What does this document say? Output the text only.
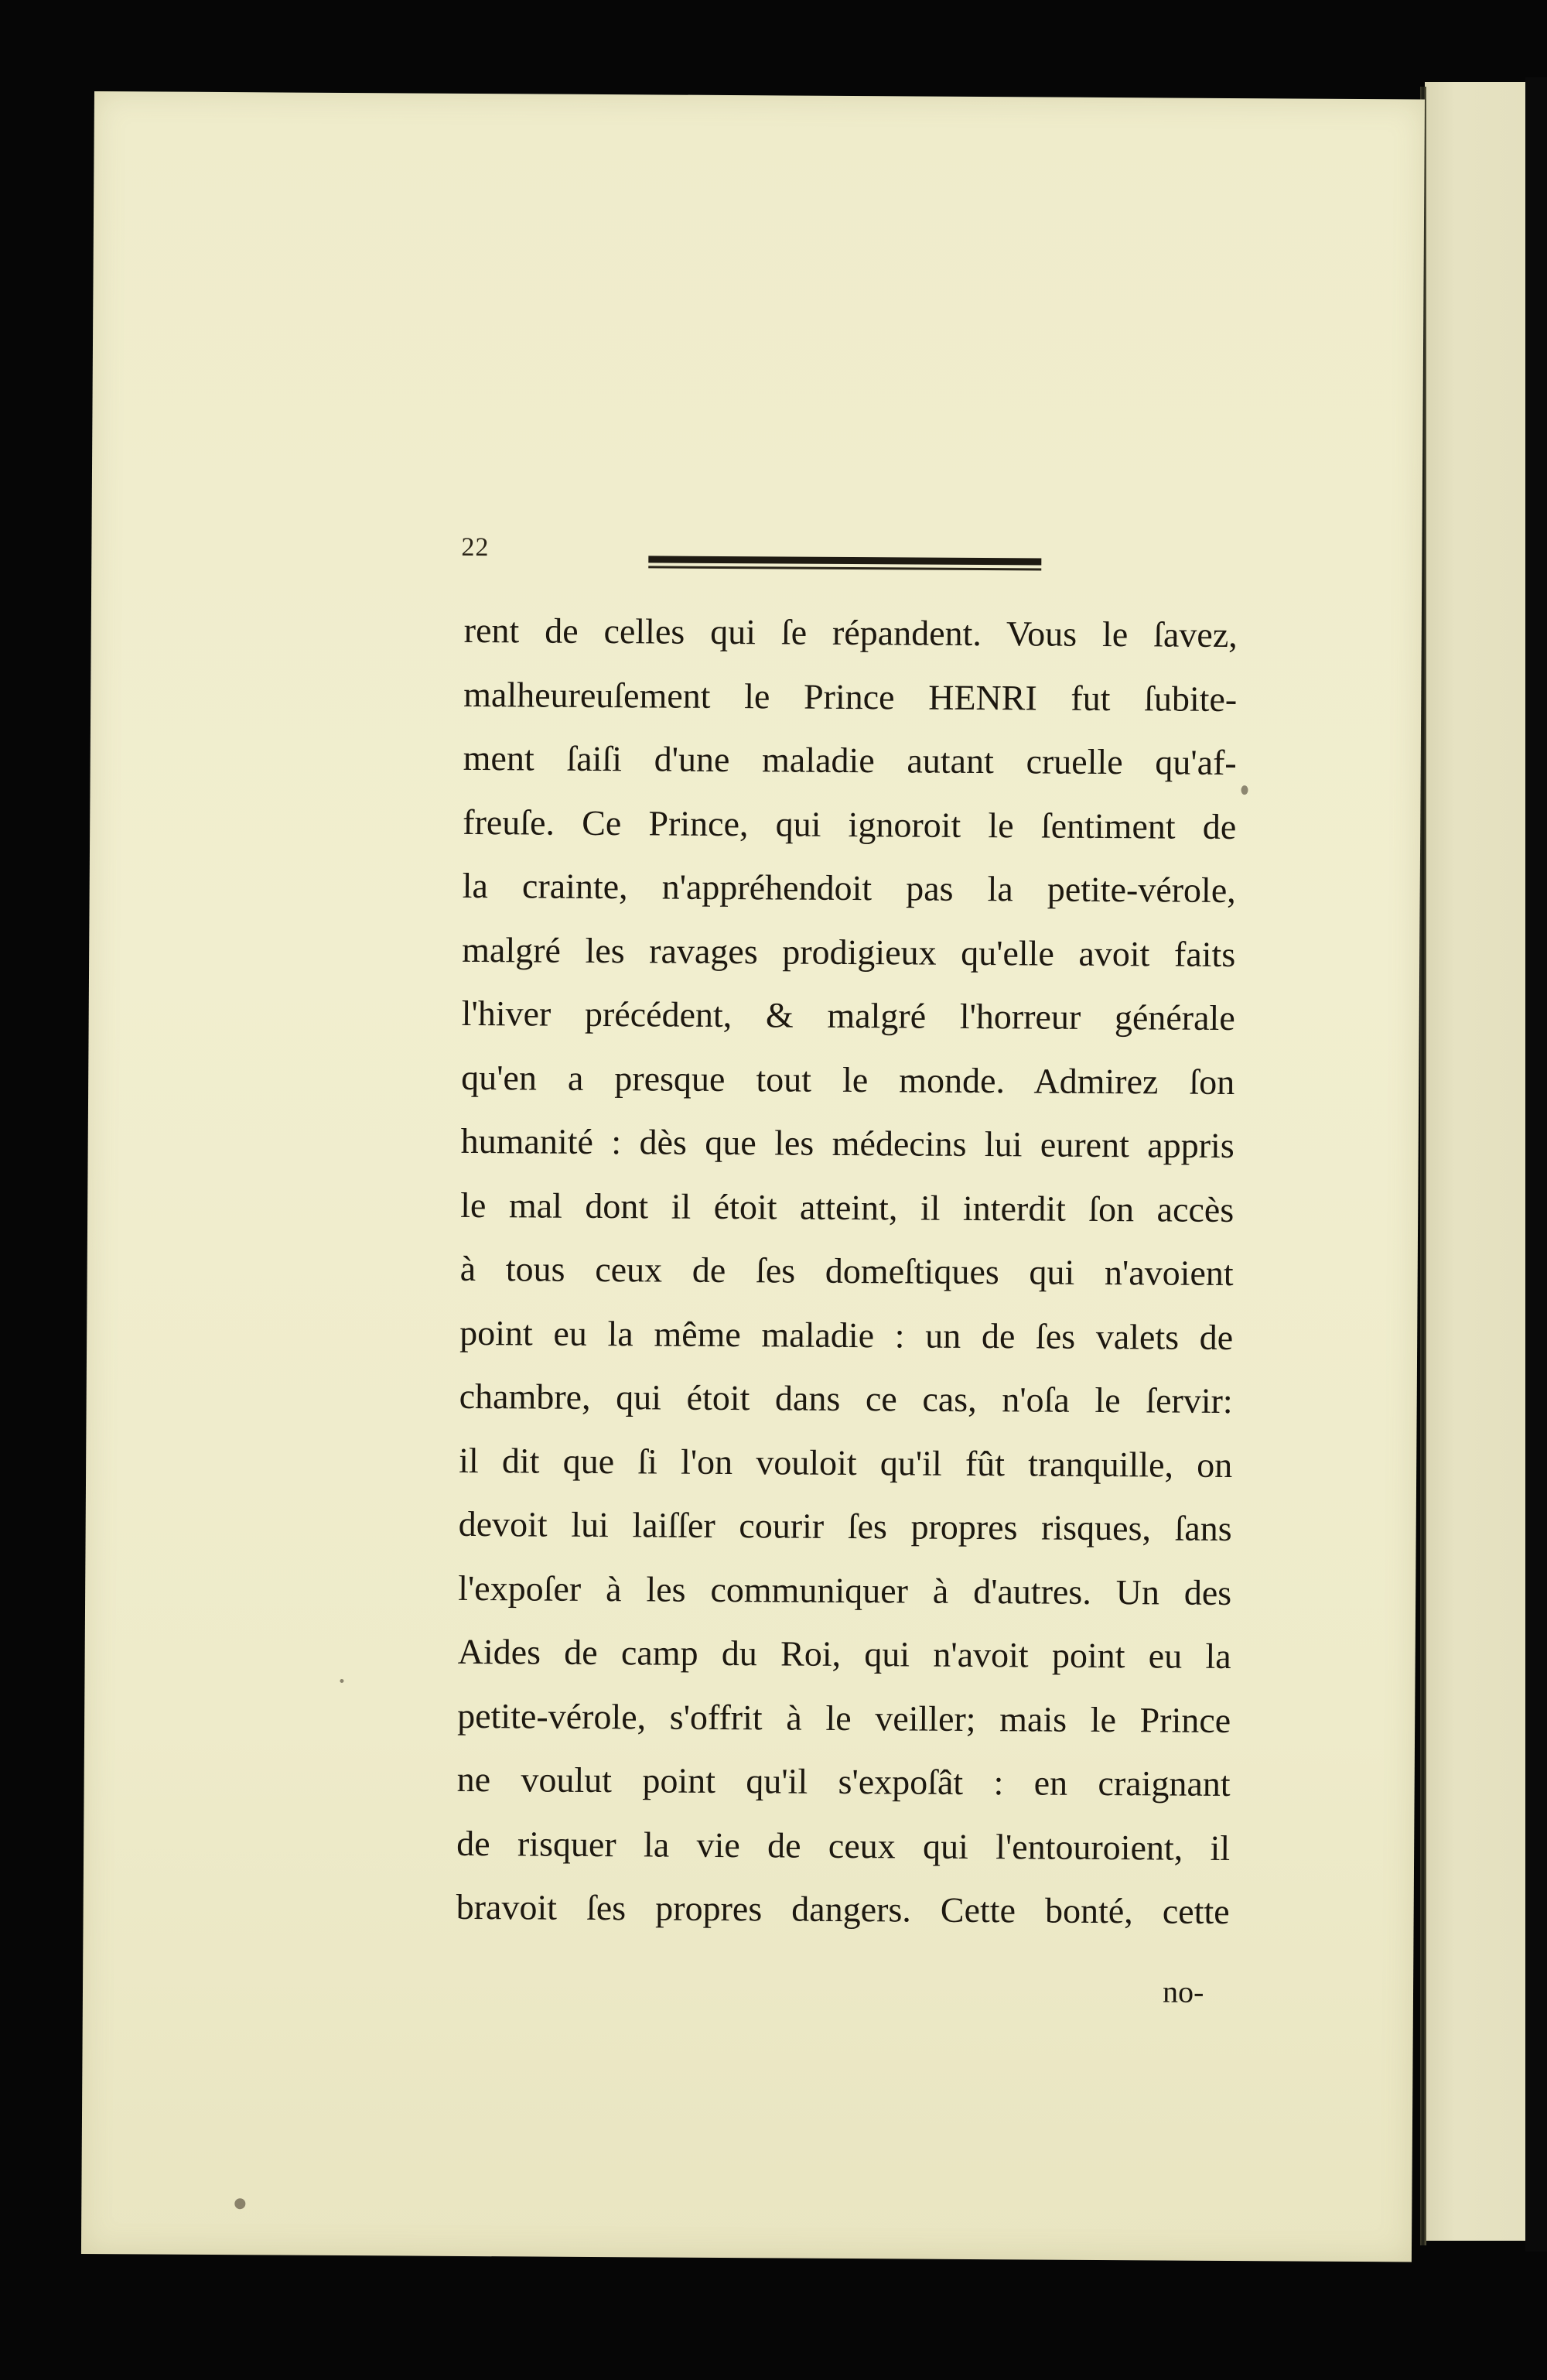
22
rent de celles qui ſe répandent. Vous le ſavez,
malheureuſement le Prince HENRI fut ſubite-
ment ſaiſi d'une maladie autant cruelle qu'af-
freuſe. Ce Prince, qui ignoroit le ſentiment de
la crainte, n'appréhendoit pas la petite-vérole,
malgré les ravages prodigieux qu'elle avoit faits
l'hiver précédent, & malgré l'horreur générale
qu'en a presque tout le monde. Admirez ſon
humanité : dès que les médecins lui eurent appris
le mal dont il étoit atteint, il interdit ſon accès
à tous ceux de ſes domeſtiques qui n'avoient
point eu la même maladie : un de ſes valets de
chambre, qui étoit dans ce cas, n'oſa le ſervir:
il dit que ſi l'on vouloit qu'il fût tranquille, on
devoit lui laiſſer courir ſes propres risques, ſans
l'expoſer à les communiquer à d'autres. Un des
Aides de camp du Roi, qui n'avoit point eu la
petite-vérole, s'offrit à le veiller; mais le Prince
ne voulut point qu'il s'expoſât : en craignant
de risquer la vie de ceux qui l'entouroient, il
bravoit ſes propres dangers. Cette bonté, cette
no-
